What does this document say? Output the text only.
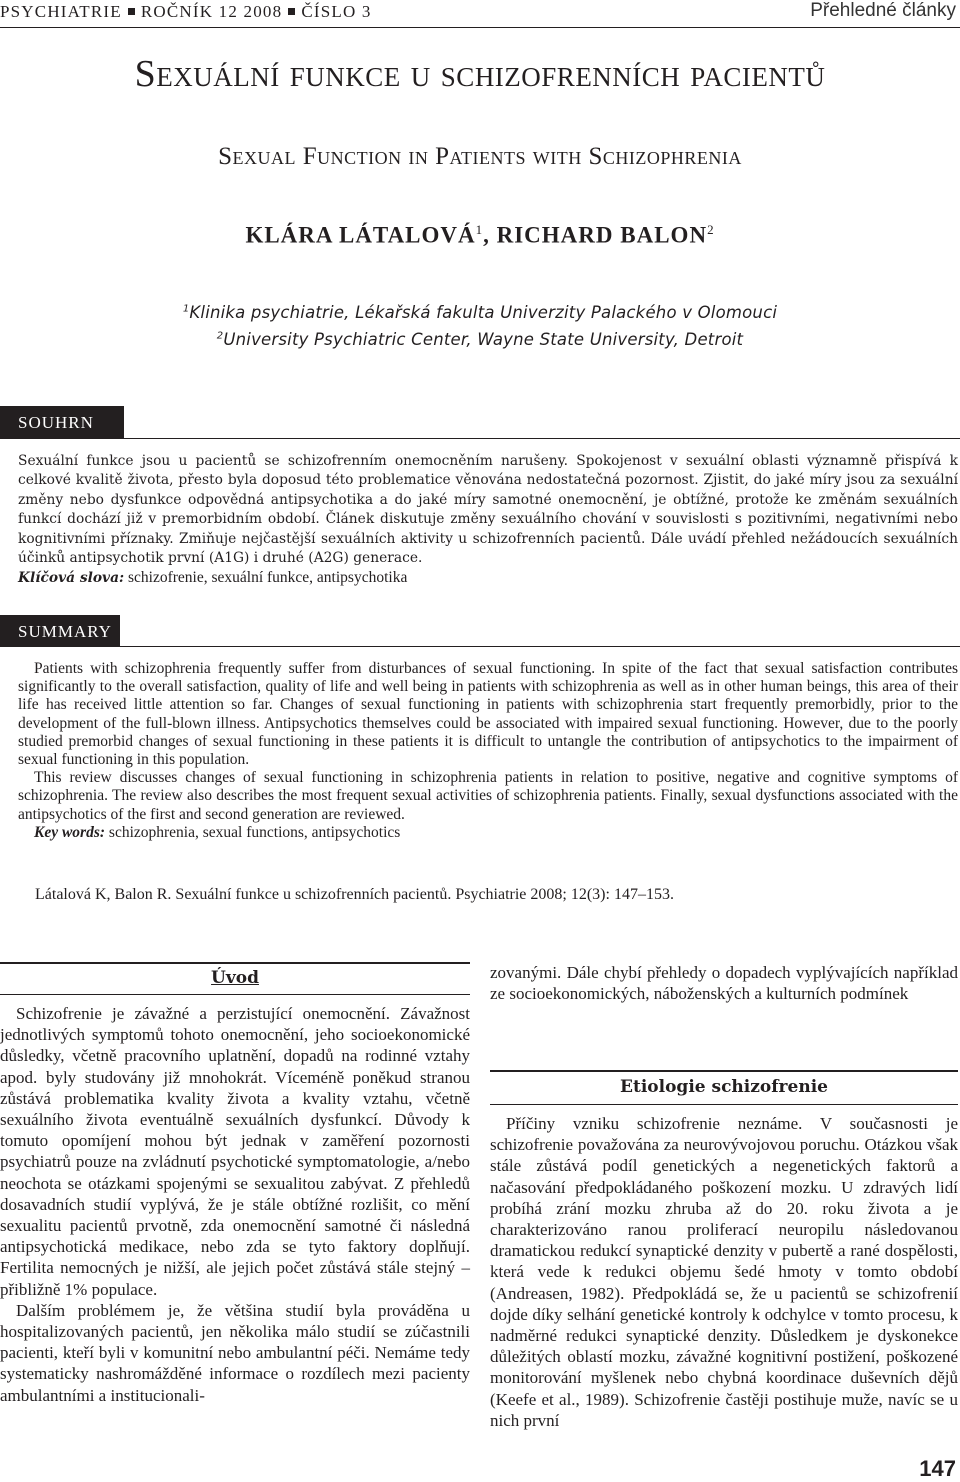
PSYCHIATRIE ROČNÍK 12 2008 ČÍSLO 3	Přehledné články
Sexuální funkce u schizofrenních pacientů
Sexual Function in Patients with Schizophrenia
KLÁRA LÁTALOVÁ$^1$, RICHARD BALON$^2$
$^1$Klinika psychiatrie, Lékařská fakulta Univerzity Palackého v Olomouci
$^2$University Psychiatric Center, Wayne State University, Detroit
SOUHRN

Sexuální funkce jsou u pacientů se schizofrenním onemocněním narušeny. Spokojenost v sexuální oblasti významně přispívá k celkové kvalitě života, přesto byla doposud této problematice věnována nedostatečná pozornost. Zjistit, do jaké míry jsou za sexuální změny nebo dysfunkce odpovědná antipsychotika a do jaké míry samotné onemocnění, je obtížné, protože ke změnám sexuálních funkcí dochází již v premorbidním období. Článek diskutuje změny sexuálního chování v souvislosti s pozitivními, negativními nebo kognitivními příznaky. Zmiňuje nejčastější sexuálních aktivity u schizofrenních pacientů. Dále uvádí přehled nežádoucích sexuálních účinků antipsychotik první (A1G) i druhé (A2G) generace.

Klíčová slova: schizofrenie, sexuální funkce, antipsychotika

SUMMARY

Patients with schizophrenia frequently suffer from disturbances of sexual functioning. In spite of the fact that sexual satisfaction contributes significantly to the overall satisfaction, quality of life and well being in patients with schizophrenia as well as in other human beings, this area of their life has received little attention so far. Changes of sexual functioning in patients with schizophrenia start frequently premorbidly, prior to the development of the full-blown illness. Antipsychotics themselves could be associated with impaired sexual functioning. However, due to the poorly studied premorbid changes of sexual functioning in these patients it is difficult to untangle the contribution of antipsychotics to the impairment of sexual functioning in this population.

This review discusses changes of sexual functioning in schizophrenia patients in relation to positive, negative and cognitive symptoms of schizophrenia. The review also describes the most frequent sexual activities of schizophrenia patients. Finally, sexual dysfunctions associated with the antipsychotics of the first and second generation are reviewed.

Key words: schizophrenia, sexual functions, antipsychotics

Látalová K, Balon R. Sexuální funkce u schizofrenních pacientů. Psychiatrie 2008; 12(3): 147–153.
Úvod

Schizofrenie je závažné a perzistující onemocnění. Závažnost jednotlivých symptomů tohoto onemocnění, jeho socioekonomické důsledky, včetně pracovního uplatnění, dopadů na rodinné vztahy apod. byly studovány již mnohokrát. Víceméně poněkud stranou zůstává problematika kvality života a kvality vztahu, včetně sexuálního života eventuálně sexuálních dysfunkcí. Důvody k tomuto opomíjení mohou být jednak v zaměření pozornosti psychiatrů pouze na zvládnutí psychotické symptomatologie, a/nebo neochota se otázkami spojenými se sexualitou zabývat. Z přehledů dosavadních studií vyplývá, že je stále obtížné rozlišit, co mění sexualitu pacientů prvotně, zda onemocnění samotné či následná antipsychotická medikace, nebo zda se tyto faktory doplňují. Fertilita nemocných je nižší, ale jejich počet zůstává stále stejný – přibližně 1% populace.

Dalším problémem je, že většina studií byla prováděna u hospitalizovaných pacientů, jen několika málo studií se zúčastnili pacienti, kteří byli v komunitní nebo ambulantní péči. Nemáme tedy systematicky nashromážděné informace o rozdílech mezi pacienty ambulantními a institucionali-

zovanými. Dále chybí přehledy o dopadech vyplývajících například ze socioekonomických, náboženských a kulturních podmínek

Etiologie schizofrenie

Příčiny vzniku schizofrenie neznáme. V současnosti je schizofrenie považována za neurovývojovou poruchu. Otázkou však stále zůstává podíl genetických a negenetických faktorů a načasování předpokládaného poškození mozku. U zdravých lidí probíhá zrání mozku zhruba až do 20. roku života a je charakterizováno ranou proliferací neuropilu následovanou dramatickou redukcí synaptické denzity v pubertě a rané dospělosti, která vede k redukci objemu šedé hmoty v tomto období (Andreasen, 1982). Předpokládá se, že u pacientů se schizofrenií dojde díky selhání genetické kontroly k odchylce v tomto procesu, k nadměrné redukci synaptické denzity. Důsledkem je dyskonekce důležitých oblastí mozku, závažné kognitivní postižení, poškozené monitorování myšlenek nebo chybná koordinace duševních dějů (Keefe et al., 1989). Schizofrenie častěji postihuje muže, navíc se u nich první

147
